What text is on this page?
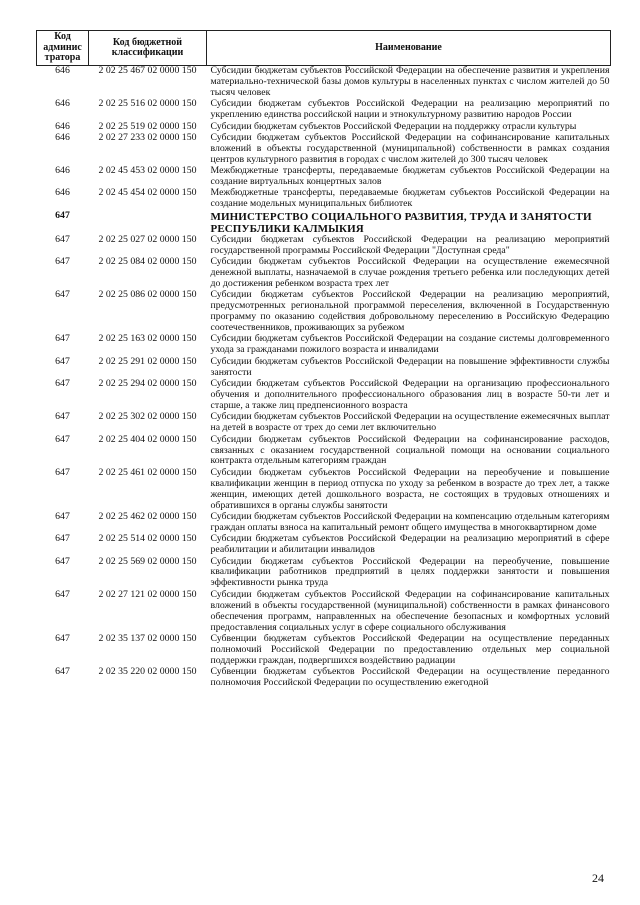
Код админис тратора	Код бюджетной классификации	Наименование
646	2 02 25 467 02 0000 150	Субсидии бюджетам субъектов Российской Федерации на обеспечение развития и укрепления материально-технической базы домов культуры в населенных пунктах с числом жителей до 50 тысяч человек
646	2 02 25 516 02 0000 150	Субсидии бюджетам субъектов Российской Федерации на реализацию мероприятий по укреплению единства российской нации и этнокультурному развитию народов России
646	2 02 25 519 02 0000 150	Субсидии бюджетам субъектов Российской Федерации на поддержку отрасли культуры
646	2 02 27 233 02 0000 150	Субсидии бюджетам субъектов Российской Федерации на софинансирование капитальных вложений в объекты государственной (муниципальной) собственности в рамках создания центров культурного развития в городах с числом жителей до 300 тысяч человек
646	2 02 45 453 02 0000 150	Межбюджетные трансферты, передаваемые бюджетам субъектов Российской Федерации на создание виртуальных концертных залов
646	2 02 45 454 02 0000 150	Межбюджетные трансферты, передаваемые бюджетам субъектов Российской Федерации на создание модельных муниципальных библиотек
647		МИНИСТЕРСТВО СОЦИАЛЬНОГО РАЗВИТИЯ, ТРУДА И ЗАНЯТОСТИ РЕСПУБЛИКИ КАЛМЫКИЯ
647	2 02 25 027 02 0000 150	Субсидии бюджетам субъектов Российской Федерации на реализацию мероприятий государственной программы Российской Федерации "Доступная среда"
647	2 02 25 084 02 0000 150	Субсидии бюджетам субъектов Российской Федерации на осуществление ежемесячной денежной выплаты, назначаемой в случае рождения третьего ребенка или последующих детей до достижения ребенком возраста трех лет
647	2 02 25 086 02 0000 150	Субсидии бюджетам субъектов Российской Федерации на реализацию мероприятий, предусмотренных региональной программой переселения, включенной в Государственную программу по оказанию содействия добровольному переселению в Российскую Федерацию соотечественников, проживающих за рубежом
647	2 02 25 163 02 0000 150	Субсидии бюджетам субъектов Российской Федерации на создание системы долговременного ухода за гражданами пожилого возраста и инвалидами
647	2 02 25 291 02 0000 150	Субсидии бюджетам субъектов Российской Федерации на повышение эффективности службы занятости
647	2 02 25 294 02 0000 150	Субсидии бюджетам субъектов Российской Федерации на организацию профессионального обучения и дополнительного профессионального образования лиц в возрасте 50-ти лет и старше, а также лиц предпенсионного возраста
647	2 02 25 302 02 0000 150	Субсидии бюджетам субъектов Российской Федерации на осуществление ежемесячных выплат на детей в возрасте от трех до семи лет включительно
647	2 02 25 404 02 0000 150	Субсидии бюджетам субъектов Российской Федерации на софинансирование расходов, связанных с оказанием государственной социальной помощи на основании социального контракта отдельным категориям граждан
647	2 02 25 461 02 0000 150	Субсидии бюджетам субъектов Российской Федерации на переобучение и повышение квалификации женщин в период отпуска по уходу за ребенком в возрасте до трех лет, а также женщин, имеющих детей дошкольного возраста, не состоящих в трудовых отношениях и обратившихся в органы службы занятости
647	2 02 25 462 02 0000 150	Субсидии бюджетам субъектов Российской Федерации на компенсацию отдельным категориям граждан оплаты взноса на капитальный ремонт общего имущества в многоквартирном доме
647	2 02 25 514 02 0000 150	Субсидии бюджетам субъектов Российской Федерации на реализацию мероприятий в сфере реабилитации и абилитации инвалидов
647	2 02 25 569 02 0000 150	Субсидии бюджетам субъектов Российской Федерации на переобучение, повышение квалификации работников предприятий в целях поддержки занятости и повышения эффективности рынка труда
647	2 02 27 121 02 0000 150	Субсидии бюджетам субъектов Российской Федерации на софинансирование капитальных вложений в объекты государственной (муниципальной) собственности в рамках финансового обеспечения программ, направленных на обеспечение безопасных и комфортных условий предоставления социальных услуг в сфере социального обслуживания
647	2 02 35 137 02 0000 150	Субвенции бюджетам субъектов Российской Федерации на осуществление переданных полномочий Российской Федерации по предоставлению отдельных мер социальной поддержки граждан, подвергшихся воздействию радиации
647	2 02 35 220 02 0000 150	Субвенции бюджетам субъектов Российской Федерации на осуществление переданного полномочия Российской Федерации по осуществлению ежегодной
24
